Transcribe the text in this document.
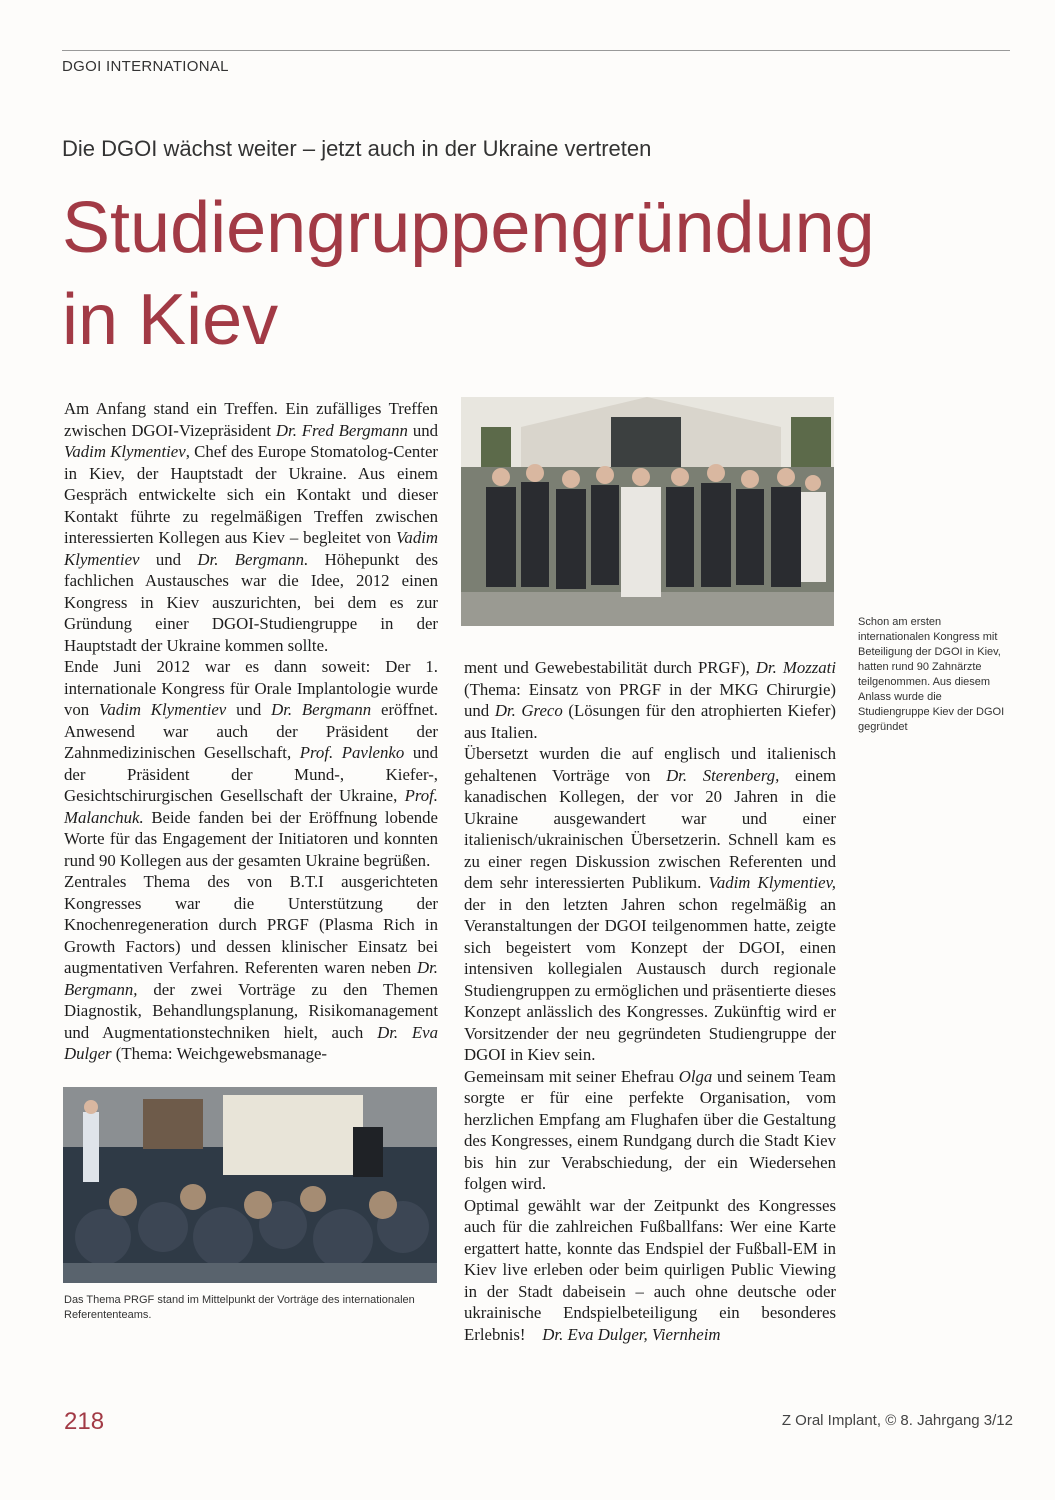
DGOI INTERNATIONAL
Die DGOI wächst weiter – jetzt auch in der Ukraine vertreten
Studiengruppengründung
in Kiev

Am Anfang stand ein Treffen. Ein zufälliges Treffen zwischen DGOI-Vizepräsident Dr. Fred Bergmann und Vadim Klymentiev, Chef des Europe Stomatolog-Center in Kiev, der Hauptstadt der Ukraine. Aus einem Gespräch entwickelte sich ein Kontakt und dieser Kontakt führte zu regelmäßigen Treffen zwischen interessierten Kollegen aus Kiev – begleitet von Vadim Klymentiev und Dr. Bergmann. Höhepunkt des fachlichen Austausches war die Idee, 2012 einen Kongress in Kiev auszurichten, bei dem es zur Gründung einer DGOI-Studiengruppe in der Hauptstadt der Ukraine kommen sollte.

Ende Juni 2012 war es dann soweit: Der 1. internationale Kongress für Orale Implantologie wurde von Vadim Klymentiev und Dr. Bergmann eröffnet. Anwesend war auch der Präsident der Zahnmedizinischen Gesellschaft, Prof. Pavlenko und der Präsident der Mund-, Kiefer-, Gesichtschirurgischen Gesellschaft der Ukraine, Prof. Malanchuk. Beide fanden bei der Eröffnung lobende Worte für das Engagement der Initiatoren und konnten rund 90 Kollegen aus der gesamten Ukraine begrüßen.

Zentrales Thema des von B.T.I ausgerichteten Kongresses war die Unterstützung der Knochenregeneration durch PRGF (Plasma Rich in Growth Factors) und dessen klinischer Einsatz bei augmentativen Verfahren. Referenten waren neben Dr. Bergmann, der zwei Vorträge zu den Themen Diagnostik, Behandlungsplanung, Risikomanagement und Augmentationstechniken hielt, auch Dr. Eva Dulger (Thema: Weichgewebsmanage-

Schon am ersten internationalen Kongress mit Beteiligung der DGOI in Kiev, hatten rund 90 Zahnärzte teilgenommen. Aus diesem Anlass wurde die Studiengruppe Kiev der DGOI gegründet

ment und Gewebestabilität durch PRGF), Dr. Mozzati (Thema: Einsatz von PRGF in der MKG Chirurgie) und Dr. Greco (Lösungen für den atrophierten Kiefer) aus Italien.

Übersetzt wurden die auf englisch und italienisch gehaltenen Vorträge von Dr. Sterenberg, einem kanadischen Kollegen, der vor 20 Jahren in die Ukraine ausgewandert war und einer italienisch/ukrainischen Übersetzerin. Schnell kam es zu einer regen Diskussion zwischen Referenten und dem sehr interessierten Publikum. Vadim Klymentiev, der in den letzten Jahren schon regelmäßig an Veranstaltungen der DGOI teilgenommen hatte, zeigte sich begeistert vom Konzept der DGOI, einen intensiven kollegialen Austausch durch regionale Studiengruppen zu ermöglichen und präsentierte dieses Konzept anlässlich des Kongresses. Zukünftig wird er Vorsitzender der neu gegründeten Studiengruppe der DGOI in Kiev sein.

Gemeinsam mit seiner Ehefrau Olga und seinem Team sorgte er für eine perfekte Organisation, vom herzlichen Empfang am Flughafen über die Gestaltung des Kongresses, einem Rundgang durch die Stadt Kiev bis hin zur Verabschiedung, der ein Wiedersehen folgen wird.

Optimal gewählt war der Zeitpunkt des Kongresses auch für die zahlreichen Fußballfans: Wer eine Karte ergattert hatte, konnte das Endspiel der Fußball-EM in Kiev live erleben oder beim quirligen Public Viewing in der Stadt dabeisein – auch ohne deutsche oder ukrainische Endspielbeteiligung ein besonderes Erlebnis! Dr. Eva Dulger, Viernheim

Das Thema PRGF stand im Mittelpunkt der Vorträge des internationalen Referententeams.
218	Z Oral Implant, © 8. Jahrgang 3/12
